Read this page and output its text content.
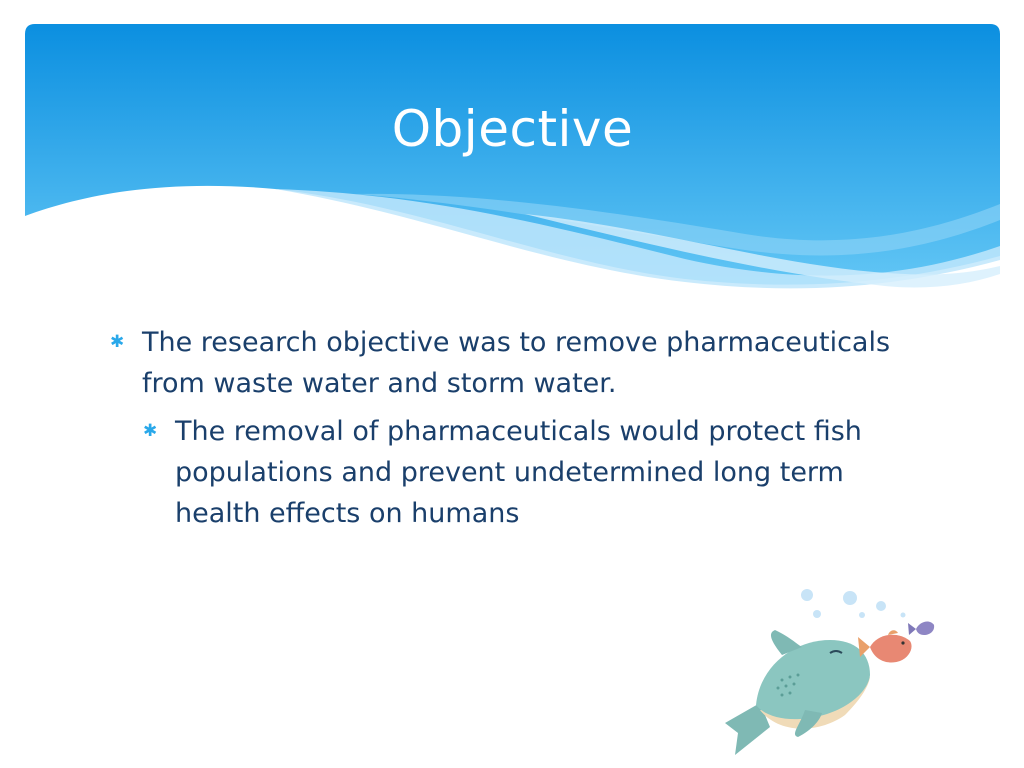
Objective
✱ The research objective was to remove pharmaceuticals from waste water and storm water.
✱ The removal of pharmaceuticals would protect fish populations and prevent undetermined long term health effects on humans
